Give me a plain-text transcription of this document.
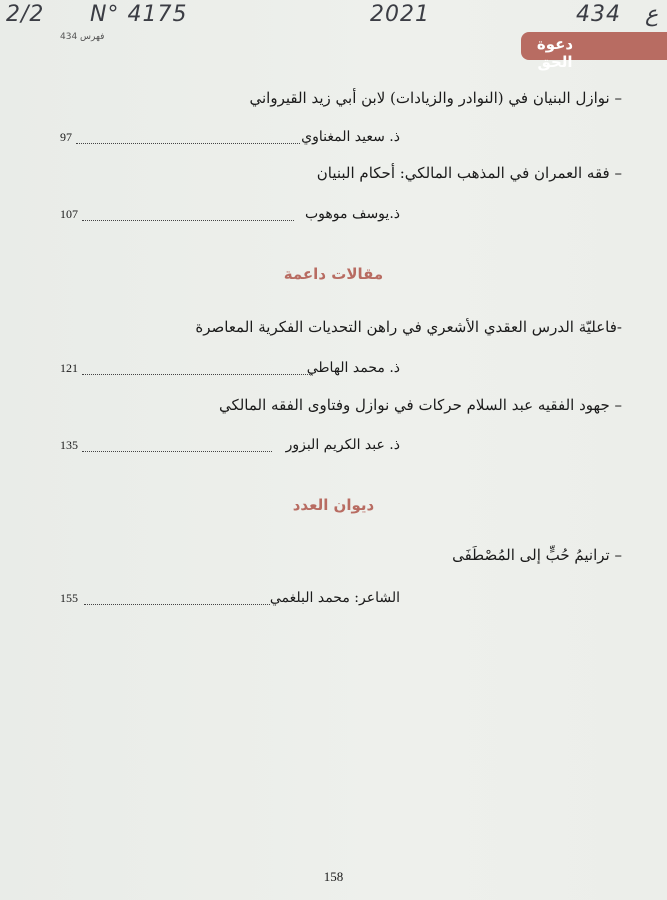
2/2 N° 4175	2021	434 ع
فهرس 434	دعوة الحق
– نوازل البنيان في (النوادر والزيادات) لابن أبي زيد القيرواني
97	ذ. سعيد المغناوي
– فقه العمران في المذهب المالكي: أحكام البنيان
107	ذ.يوسف موهوب
مقالات داعمة
-فاعليّة الدرس العقدي الأشعري في راهن التحديات الفكرية المعاصرة
121	ذ. محمد الهاطي
– جهود الفقيه عبد السلام حركات في نوازل وفتاوى الفقه المالكي
135	ذ. عبد الكريم البزور
ديوان العدد
– ترانيمُ حُبٍّ إلى المُصْطَفَى
155	الشاعر: محمد البلغمي
158
